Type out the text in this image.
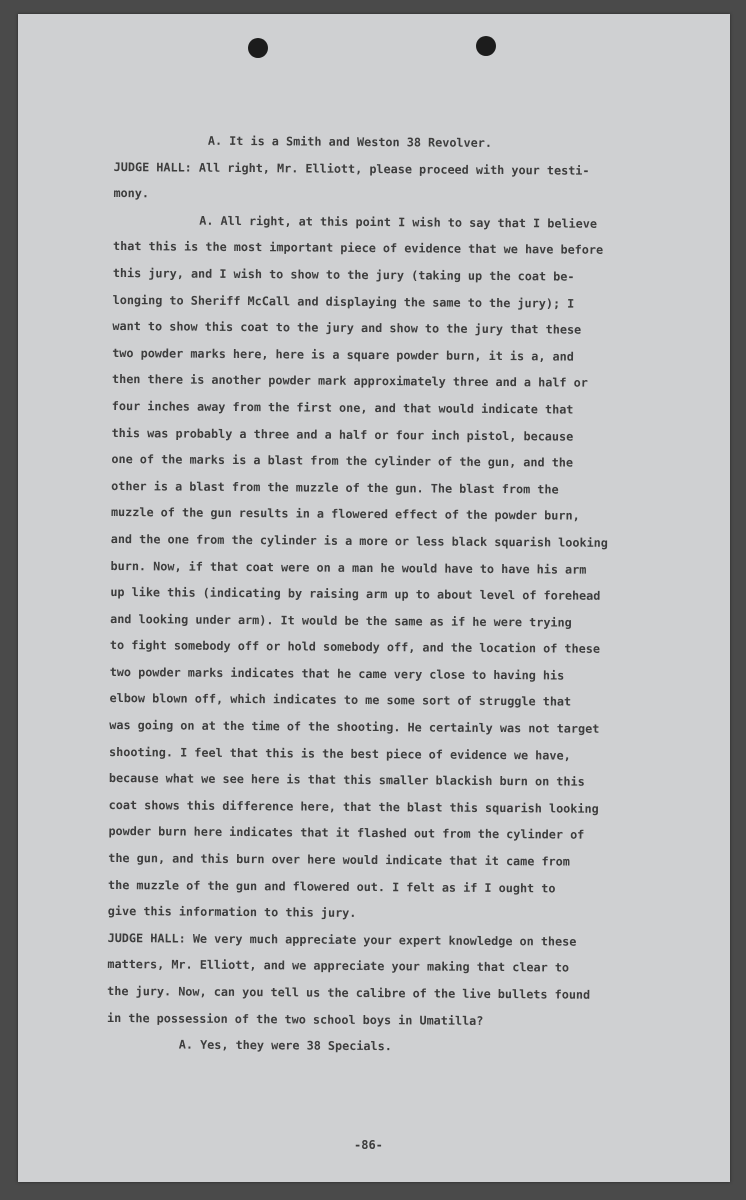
A. It is a Smith and Weston 38 Revolver.
JUDGE HALL: All right, Mr. Elliott, please proceed with your testi-
mony.
A. All right, at this point I wish to say that I believe
that this is the most important piece of evidence that we have before
this jury, and I wish to show to the jury (taking up the coat be-
longing to Sheriff McCall and displaying the same to the jury); I
want to show this coat to the jury and show to the jury that these
two powder marks here, here is a square powder burn, it is a, and
then there is another powder mark approximately three and a half or
four inches away from the first one, and that would indicate that
this was probably a three and a half or four inch pistol, because
one of the marks is a blast from the cylinder of the gun, and the
other is a blast from the muzzle of the gun. The blast from the
muzzle of the gun results in a flowered effect of the powder burn,
and the one from the cylinder is a more or less black squarish looking
burn. Now, if that coat were on a man he would have to have his arm
up like this (indicating by raising arm up to about level of forehead
and looking under arm). It would be the same as if he were trying
to fight somebody off or hold somebody off, and the location of these
two powder marks indicates that he came very close to having his
elbow blown off, which indicates to me some sort of struggle that
was going on at the time of the shooting. He certainly was not target
shooting. I feel that this is the best piece of evidence we have,
because what we see here is that this smaller blackish burn on this
coat shows this difference here, that the blast this squarish looking
powder burn here indicates that it flashed out from the cylinder of
the gun, and this burn over here would indicate that it came from
the muzzle of the gun and flowered out. I felt as if I ought to
give this information to this jury.
JUDGE HALL: We very much appreciate your expert knowledge on these
matters, Mr. Elliott, and we appreciate your making that clear to
the jury. Now, can you tell us the calibre of the live bullets found
in the possession of the two school boys in Umatilla?
A. Yes, they were 38 Specials.
-86-
